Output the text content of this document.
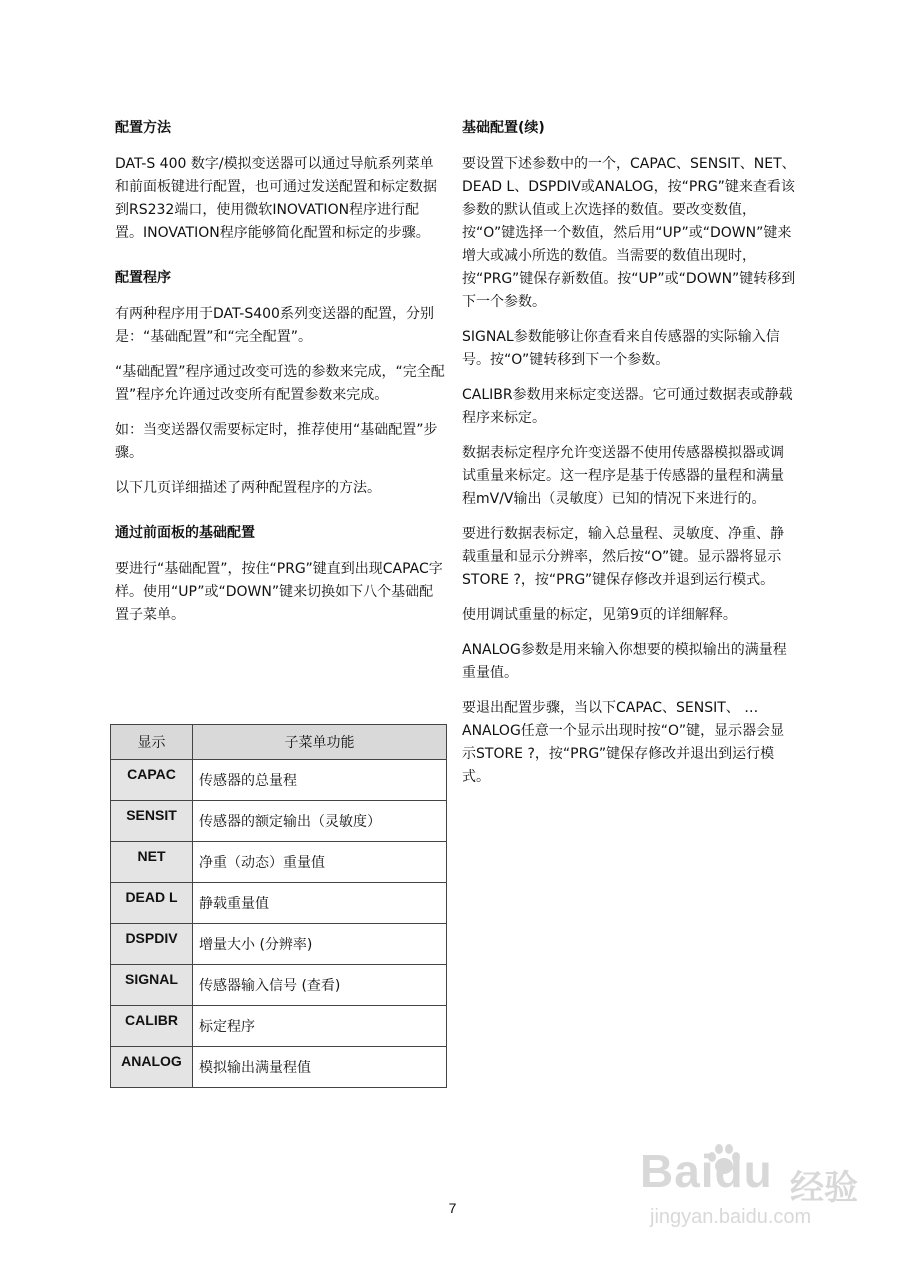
配置方法

DAT-S 400 数字/模拟变送器可以通过导航系列菜单和前面板键进行配置，也可通过发送配置和标定数据到RS232端口，使用微软INOVATION程序进行配置。INOVATION程序能够简化配置和标定的步骤。

配置程序

有两种程序用于DAT-S400系列变送器的配置，分别是：“基础配置”和“完全配置”。

“基础配置”程序通过改变可选的参数来完成，“完全配置”程序允许通过改变所有配置参数来完成。

如：当变送器仅需要标定时，推荐使用“基础配置”步骤。

以下几页详细描述了两种配置程序的方法。

通过前面板的基础配置

要进行“基础配置”，按住“PRG”键直到出现CAPAC字样。使用“UP”或“DOWN”键来切换如下八个基础配置子菜单。

基础配置(续)

要设置下述参数中的一个，CAPAC、SENSIT、NET、DEAD L、DSPDIV或ANALOG，按“PRG”键来查看该参数的默认值或上次选择的数值。要改变数值，按“O”键选择一个数值，然后用“UP”或“DOWN”键来增大或减小所选的数值。当需要的数值出现时，按“PRG”键保存新数值。按“UP”或“DOWN”键转移到下一个参数。

SIGNAL参数能够让你查看来自传感器的实际输入信号。按“O”键转移到下一个参数。

CALIBR参数用来标定变送器。它可通过数据表或静载程序来标定。

数据表标定程序允许变送器不使用传感器模拟器或调试重量来标定。这一程序是基于传感器的量程和满量程mV/V输出（灵敏度）已知的情况下来进行的。

要进行数据表标定，输入总量程、灵敏度、净重、静载重量和显示分辨率，然后按“O”键。显示器将显示STORE ?，按“PRG”键保存修改并退到运行模式。

使用调试重量的标定，见第9页的详细解释。

ANALOG参数是用来输入你想要的模拟输出的满量程重量值。

要退出配置步骤，当以下CAPAC、SENSIT、 … ANALOG任意一个显示出现时按“O”键，显示器会显示STORE ?，按“PRG”键保存修改并退出到运行模式。

显示	子菜单功能
CAPAC	传感器的总量程
SENSIT	传感器的额定输出（灵敏度）
NET	净重（动态）重量值
DEAD L	静载重量值
DSPDIV	增量大小 (分辨率)
SIGNAL	传感器输入信号 (查看)
CALIBR	标定程序
ANALOG	模拟输出满量程值
7
Baidu 经验
jingyan.baidu.com
